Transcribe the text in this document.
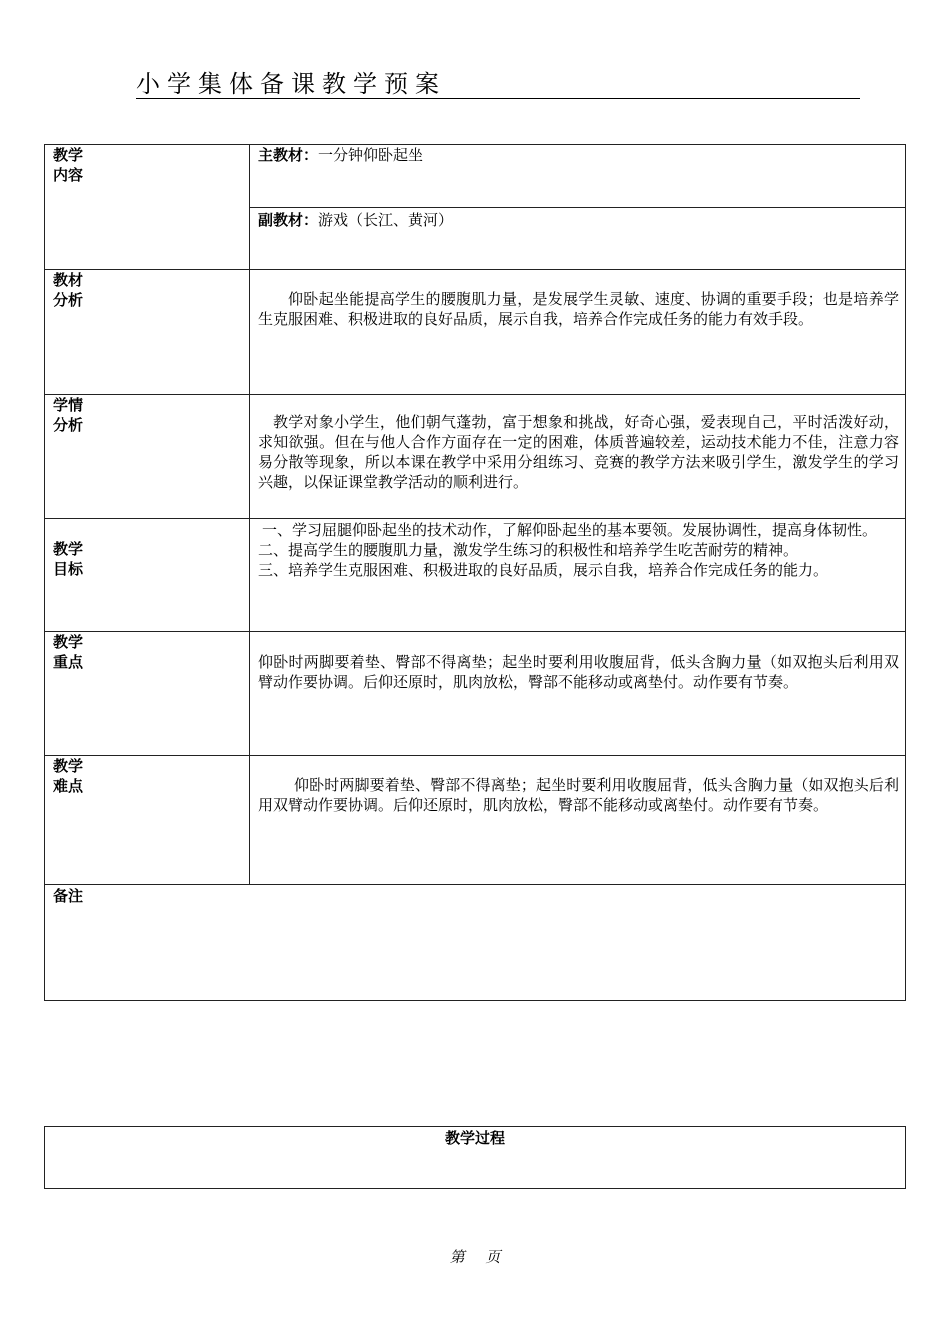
小学集体备课教学预案
教学
内容	主教材：一分钟仰卧起坐
	副教材：游戏（长江、黄河）

教材
分析	仰卧起坐能提高学生的腰腹肌力量，是发展学生灵敏、速度、协调的重要手段；也是培养学生克服困难、积极进取的良好品质，展示自我，培养合作完成任务的能力有效手段。

学情
分析	教学对象小学生，他们朝气蓬勃，富于想象和挑战，好奇心强，爱表现自己，平时活泼好动，求知欲强。但在与他人合作方面存在一定的困难，体质普遍较差，运动技术能力不佳，注意力容易分散等现象，所以本课在教学中采用分组练习、竞赛的教学方法来吸引学生，激发学生的学习兴趣，以保证课堂教学活动的顺利进行。

教学
目标	一、学习屈腿仰卧起坐的技术动作，了解仰卧起坐的基本要领。发展协调性，提高身体韧性。
二、提高学生的腰腹肌力量，激发学生练习的积极性和培养学生吃苦耐劳的精神。
三、培养学生克服困难、积极进取的良好品质，展示自我，培养合作完成任务的能力。

教学
重点	仰卧时两脚要着垫、臀部不得离垫；起坐时要利用收腹屈背，低头含胸力量（如双抱头后利用双臂动作要协调。后仰还原时，肌肉放松，臀部不能移动或离垫付。动作要有节奏。

教学
难点	仰卧时两脚要着垫、臀部不得离垫；起坐时要利用收腹屈背，低头含胸力量（如双抱头后利用双臂动作要协调。后仰还原时，肌肉放松，臀部不能移动或离垫付。动作要有节奏。

备注	
教学过程
第 页
